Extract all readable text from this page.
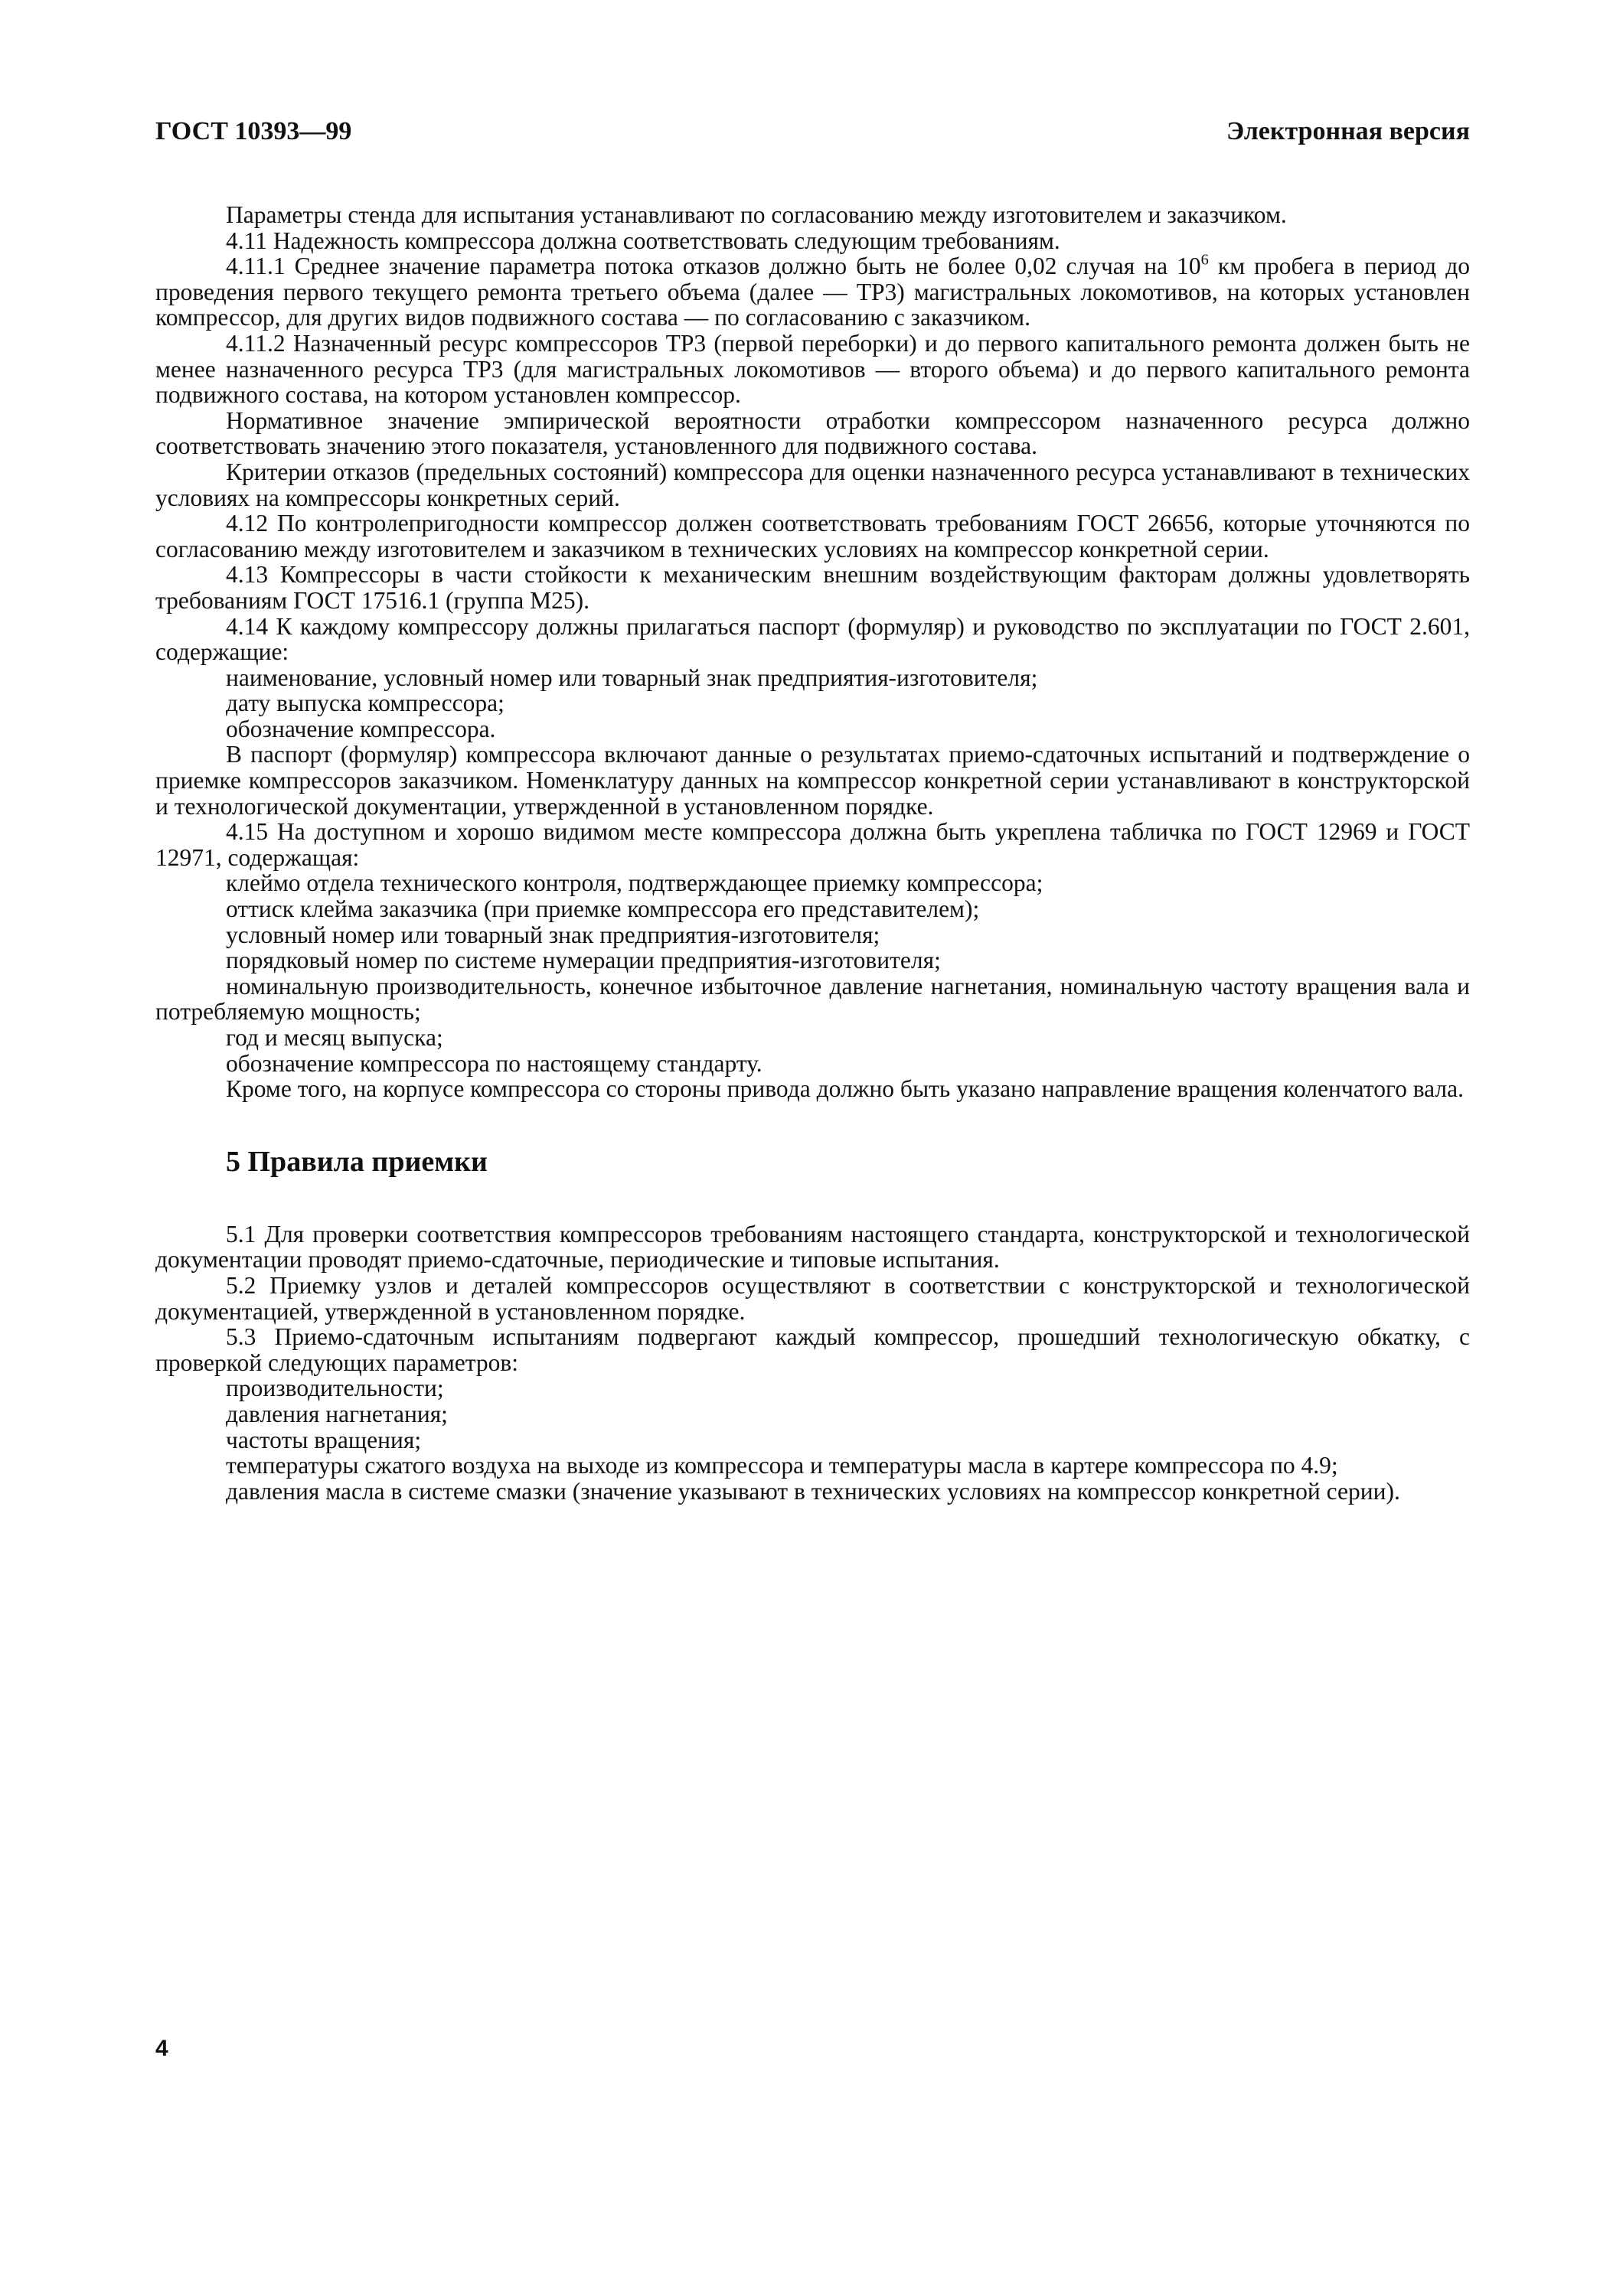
ГОСТ 10393—99	Электронная версия

Параметры стенда для испытания устанавливают по согласованию между изготовителем и заказчиком.

4.11 Надежность компрессора должна соответствовать следующим требованиям.

4.11.1 Среднее значение параметра потока отказов должно быть не более 0,02 случая на $10^6$ км пробега в период до проведения первого текущего ремонта третьего объема (далее — ТР3) магистральных локомотивов, на которых установлен компрессор, для других видов подвижного состава — по согласованию с заказчиком.

4.11.2 Назначенный ресурс компрессоров ТР3 (первой переборки) и до первого капитального ремонта должен быть не менее назначенного ресурса ТР3 (для магистральных локомотивов — второго объема) и до первого капитального ремонта подвижного состава, на котором установлен компрессор.

Нормативное значение эмпирической вероятности отработки компрессором назначенного ресурса должно соответствовать значению этого показателя, установленного для подвижного состава.

Критерии отказов (предельных состояний) компрессора для оценки назначенного ресурса устанавливают в технических условиях на компрессоры конкретных серий.

4.12 По контролепригодности компрессор должен соответствовать требованиям ГОСТ 26656, которые уточняются по согласованию между изготовителем и заказчиком в технических условиях на компрессор конкретной серии.

4.13 Компрессоры в части стойкости к механическим внешним воздействующим факторам должны удовлетворять требованиям ГОСТ 17516.1 (группа М25).

4.14 К каждому компрессору должны прилагаться паспорт (формуляр) и руководство по эксплуатации по ГОСТ 2.601, содержащие:

наименование, условный номер или товарный знак предприятия-изготовителя;

дату выпуска компрессора;

обозначение компрессора.

В паспорт (формуляр) компрессора включают данные о результатах приемо-сдаточных испытаний и подтверждение о приемке компрессоров заказчиком. Номенклатуру данных на компрессор конкретной серии устанавливают в конструкторской и технологической документации, утвержденной в установленном порядке.

4.15 На доступном и хорошо видимом месте компрессора должна быть укреплена табличка по ГОСТ 12969 и ГОСТ 12971, содержащая:

клеймо отдела технического контроля, подтверждающее приемку компрессора;

оттиск клейма заказчика (при приемке компрессора его представителем);

условный номер или товарный знак предприятия-изготовителя;

порядковый номер по системе нумерации предприятия-изготовителя;

номинальную производительность, конечное избыточное давление нагнетания, номинальную частоту вращения вала и потребляемую мощность;

год и месяц выпуска;

обозначение компрессора по настоящему стандарту.

Кроме того, на корпусе компрессора со стороны привода должно быть указано направление вращения коленчатого вала.

5 Правила приемки

5.1 Для проверки соответствия компрессоров требованиям настоящего стандарта, конструкторской и технологической документации проводят приемо-сдаточные, периодические и типовые испытания.

5.2 Приемку узлов и деталей компрессоров осуществляют в соответствии с конструкторской и технологической документацией, утвержденной в установленном порядке.

5.3 Приемо-сдаточным испытаниям подвергают каждый компрессор, прошедший технологическую обкатку, с проверкой следующих параметров:

производительности;

давления нагнетания;

частоты вращения;

температуры сжатого воздуха на выходе из компрессора и температуры масла в картере компрессора по 4.9;

давления масла в системе смазки (значение указывают в технических условиях на компрессор конкретной серии).

4
